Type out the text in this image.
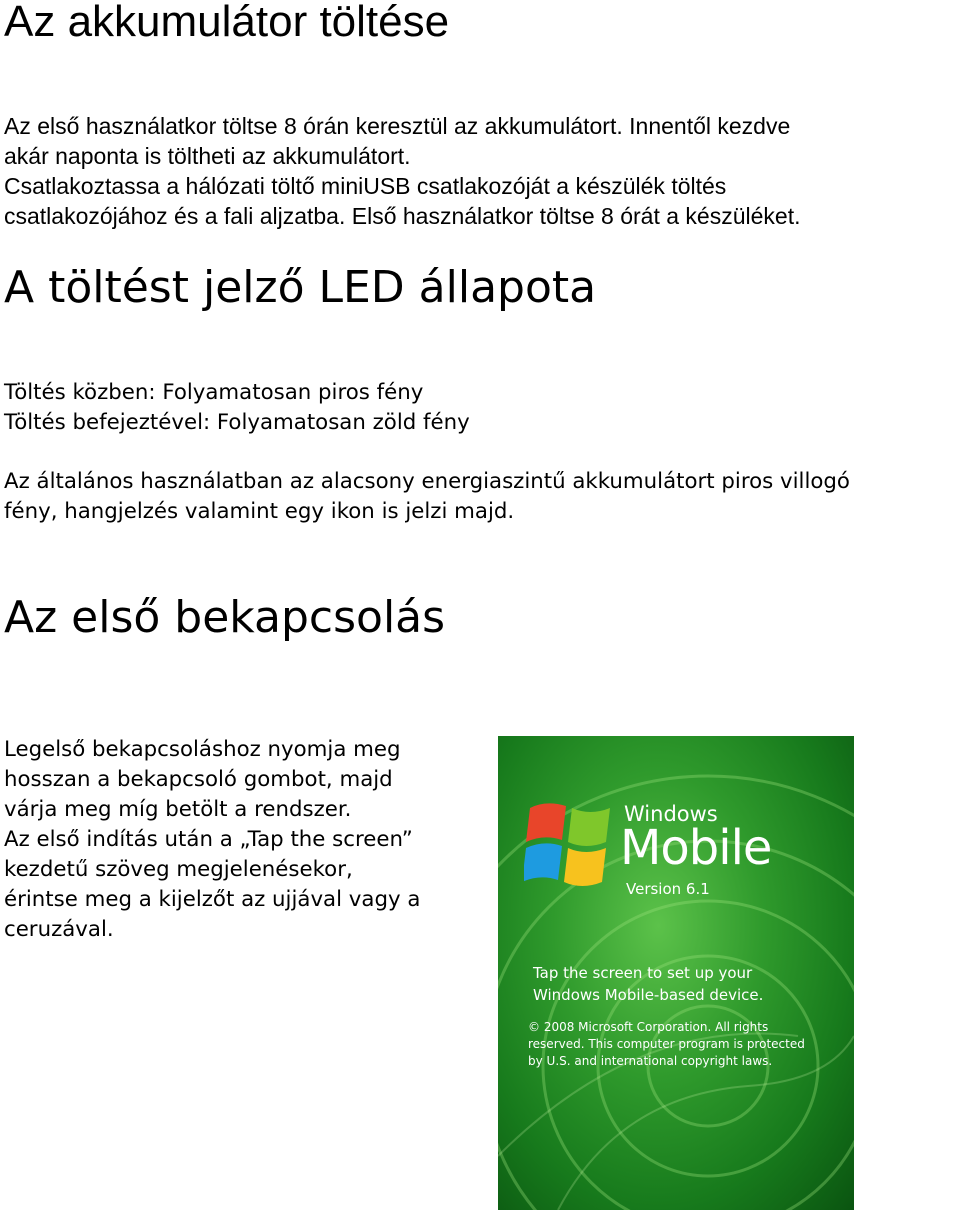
Az akkumulátor töltése
Az első használatkor töltse 8 órán keresztül az akkumulátort. Innentől kezdve
akár naponta is töltheti az akkumulátort.
Csatlakoztassa a hálózati töltő miniUSB csatlakozóját a készülék töltés
csatlakozójához és a fali aljzatba. Első használatkor töltse 8 órát a készüléket.
A töltést jelző LED állapota
Töltés közben: Folyamatosan piros fény
Töltés befejeztével: Folyamatosan zöld fény
Az általános használatban az alacsony energiaszintű akkumulátort piros villogó
fény, hangjelzés valamint egy ikon is jelzi majd.
Az első bekapcsolás
Legelső bekapcsoláshoz nyomja meg
hosszan a bekapcsoló gombot, majd
várja meg míg betölt a rendszer.
Az első indítás után a „Tap the screen”
kezdetű szöveg megjelenésekor,
érintse meg a kijelzőt az ujjával vagy a
ceruzával.
Windows
Mobile
Version 6.1
Tap the screen to set up your
Windows Mobile-based device.
© 2008 Microsoft Corporation. All rights
reserved. This computer program is protected
by U.S. and international copyright laws.
